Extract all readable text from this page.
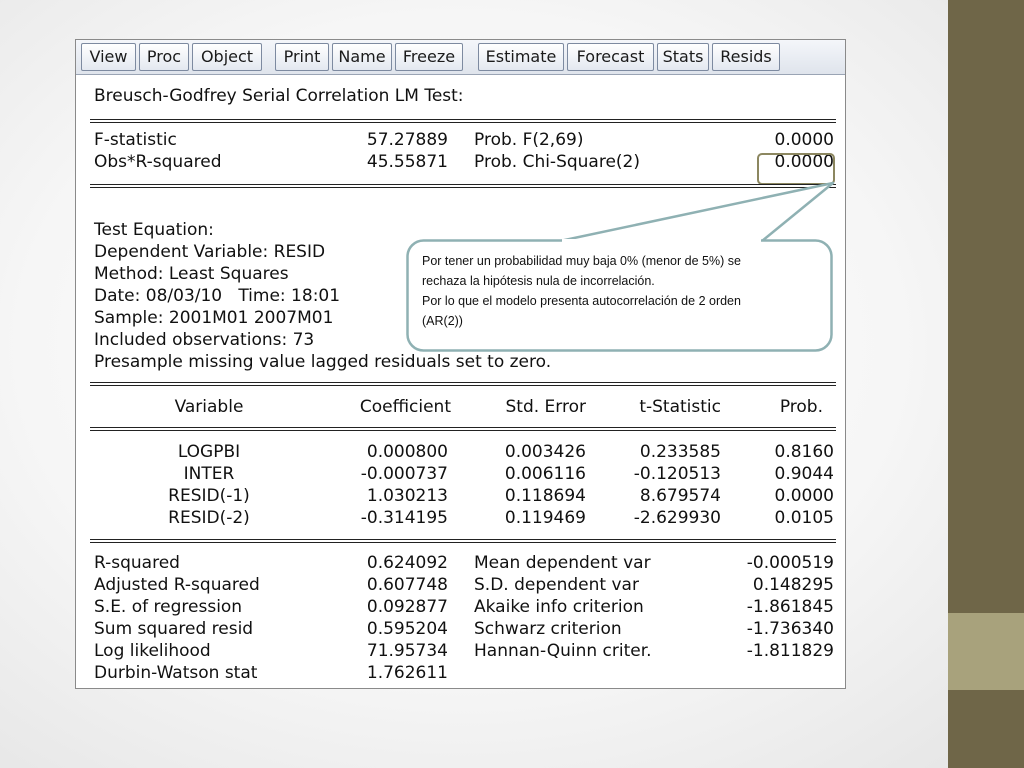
View	Proc	Object	Print	Name	Freeze	Estimate	Forecast	Stats	Resids
Breusch-Godfrey Serial Correlation LM Test:
F-statistic	57.27889 Prob. F(2,69)	0.0000
Obs*R-squared	45.55871 Prob. Chi-Square(2)	0.0000
Test Equation:
Dependent Variable: RESID
Method: Least Squares
Date: 08/03/10   Time: 18:01
Sample: 2001M01 2007M01
Included observations: 73
Presample missing value lagged residuals set to zero.
Variable	Coefficient	Std. Error	t-Statistic	Prob.
LOGPBI	0.000800	0.003426	0.233585	0.8160
INTER	-0.000737	0.006116	-0.120513	0.9044
RESID(-1)	1.030213	0.118694	8.679574	0.0000
RESID(-2)	-0.314195	0.119469	-2.629930	0.0105
R-squared	0.624092 Mean dependent var	-0.000519
Adjusted R-squared	0.607748 S.D. dependent var	0.148295
S.E. of regression	0.092877 Akaike info criterion	-1.861845
Sum squared resid	0.595204 Schwarz criterion	-1.736340
Log likelihood	71.95734 Hannan-Quinn criter.	-1.811829
Durbin-Watson stat	1.762611
Por tener un probabilidad muy baja 0% (menor de 5%) se
rechaza la hipótesis nula de incorrelación.
Por lo que el modelo presenta autocorrelación de 2 orden
(AR(2))
